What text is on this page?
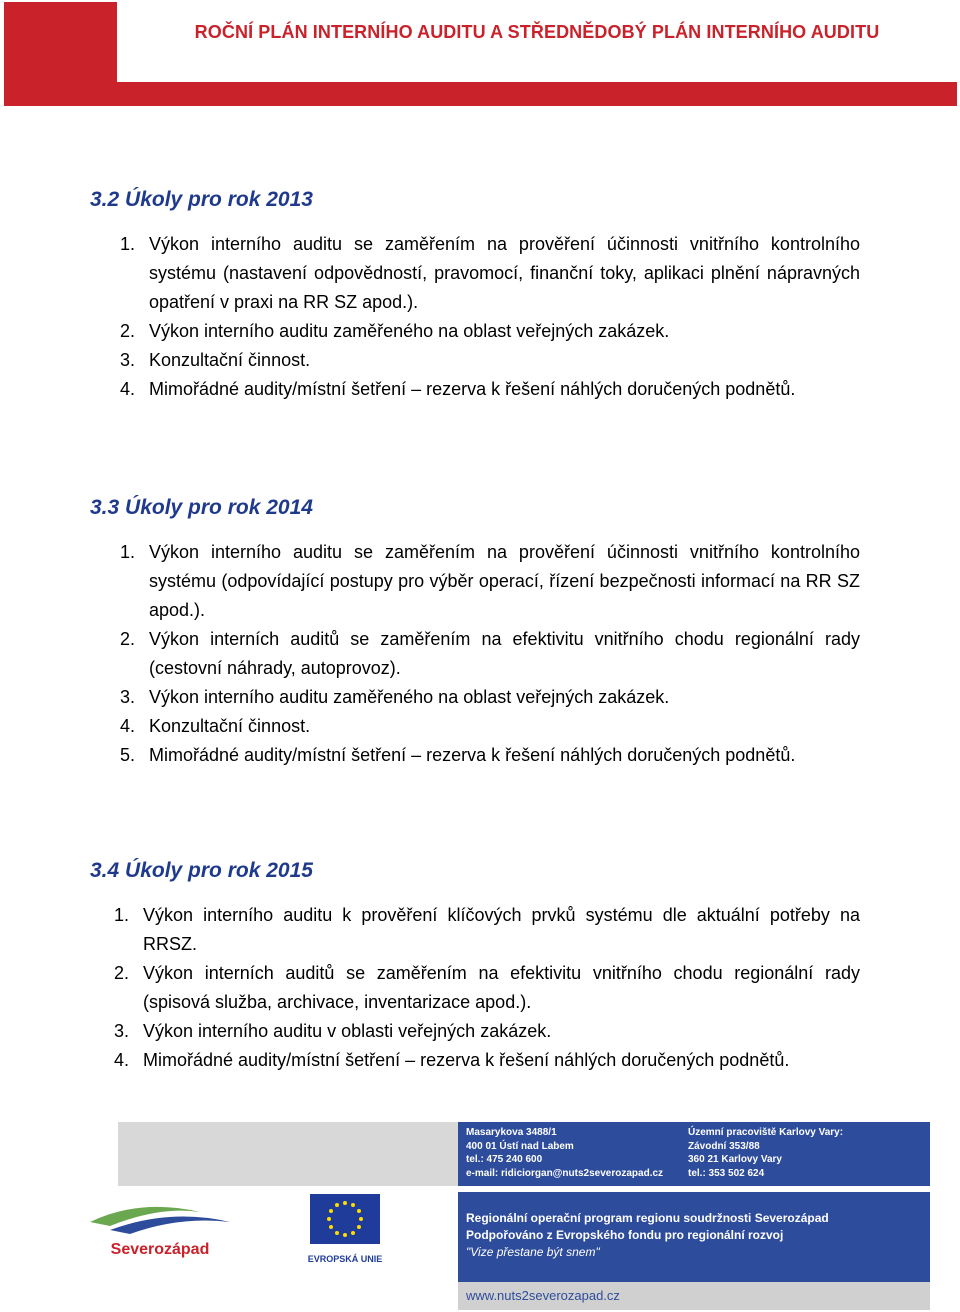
ROČNÍ PLÁN INTERNÍHO AUDITU A STŘEDNĚDOBÝ PLÁN INTERNÍHO AUDITU
3.2 Úkoly pro rok 2013
1. Výkon interního auditu se zaměřením na prověření účinnosti vnitřního kontrolního systému (nastavení odpovědností, pravomocí, finanční toky, aplikaci plnění nápravných opatření v praxi na RR SZ apod.).
2. Výkon interního auditu zaměřeného na oblast veřejných zakázek.
3. Konzultační činnost.
4. Mimořádné audity/místní šetření – rezerva k řešení náhlých doručených podnětů.
3.3 Úkoly pro rok 2014
1. Výkon interního auditu se zaměřením na prověření účinnosti vnitřního kontrolního systému (odpovídající postupy pro výběr operací, řízení bezpečnosti informací na RR SZ apod.).
2. Výkon interních auditů se zaměřením na efektivitu vnitřního chodu regionální rady (cestovní náhrady, autoprovoz).
3. Výkon interního auditu zaměřeného na oblast veřejných zakázek.
4. Konzultační činnost.
5. Mimořádné audity/místní šetření – rezerva k řešení náhlých doručených podnětů.
3.4 Úkoly pro rok 2015
1. Výkon interního auditu k prověření klíčových prvků systému dle aktuální potřeby na RRSZ.
2. Výkon interních auditů se zaměřením na efektivitu vnitřního chodu regionální rady (spisová služba, archivace, inventarizace apod.).
3. Výkon interního auditu v oblasti veřejných zakázek.
4. Mimořádné audity/místní šetření – rezerva k řešení náhlých doručených podnětů.
Masarykova 3488/1
400 01 Ústí nad Labem
tel.: 475 240 600
e-mail: ridiciorgan@nuts2severozapad.cz
Územní pracoviště Karlovy Vary:
Závodní 353/88
360 21 Karlovy Vary
tel.: 353 502 624
Regionální operační program regionu soudržnosti Severozápad
Podpořováno z Evropského fondu pro regionální rozvoj
"Vize přestane být snem"
www.nuts2severozapad.cz
Severozápad
EVROPSKÁ UNIE
